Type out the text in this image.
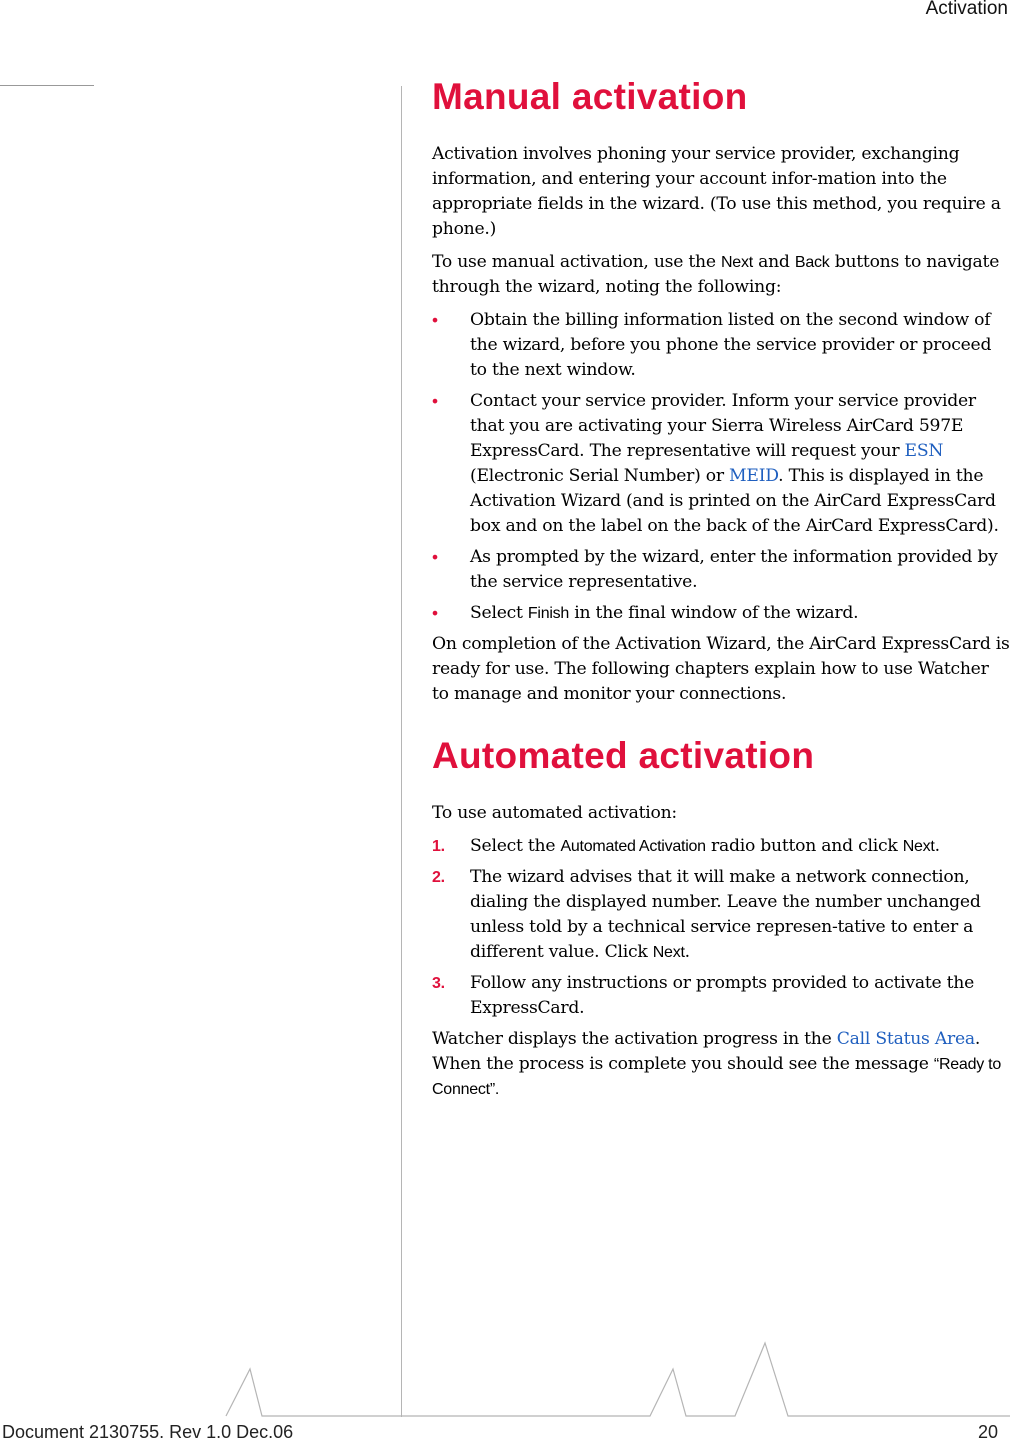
Activation
Manual activation

Activation involves phoning your service provider, exchanging information, and entering your account infor-mation into the appropriate fields in the wizard. (To use this method, you require a phone.)

To use manual activation, use the Next and Back buttons to navigate through the wizard, noting the following:

• Obtain the billing information listed on the second window of the wizard, before you phone the service provider or proceed to the next window.
• Contact your service provider. Inform your service provider that you are activating your Sierra Wireless AirCard 597E ExpressCard. The representative will request your ESN (Electronic Serial Number) or MEID. This is displayed in the Activation Wizard (and is printed on the AirCard ExpressCard box and on the label on the back of the AirCard ExpressCard).
• As prompted by the wizard, enter the information provided by the service representative.
• Select Finish in the final window of the wizard.

On completion of the Activation Wizard, the AirCard ExpressCard is ready for use. The following chapters explain how to use Watcher to manage and monitor your connections.

Automated activation

To use automated activation:

1. Select the Automated Activation radio button and click Next.
2. The wizard advises that it will make a network connection, dialing the displayed number. Leave the number unchanged unless told by a technical service represen-tative to enter a different value. Click Next.
3. Follow any instructions or prompts provided to activate the ExpressCard.

Watcher displays the activation progress in the Call Status Area. When the process is complete you should see the message “Ready to Connect”.

Document 2130755. Rev 1.0 Dec.06	20
